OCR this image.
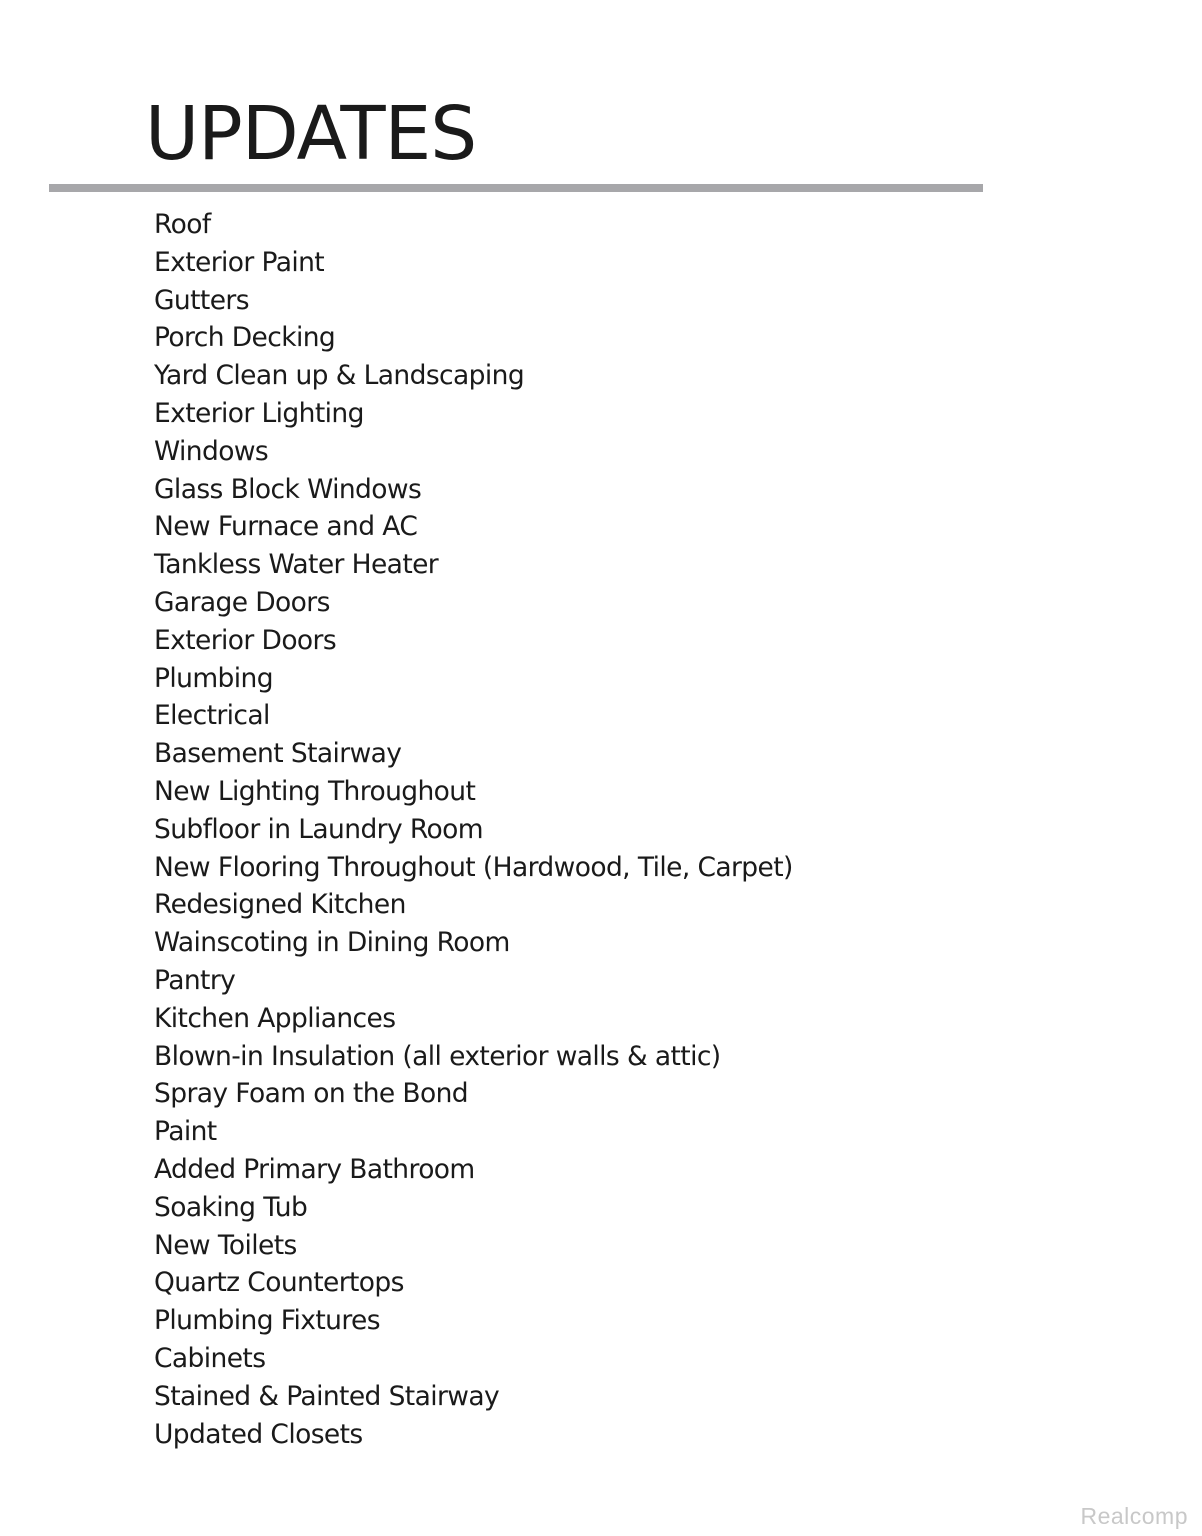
UPDATES
Roof
Exterior Paint
Gutters
Porch Decking
Yard Clean up & Landscaping
Exterior Lighting
Windows
Glass Block Windows
New Furnace and AC
Tankless Water Heater
Garage Doors
Exterior Doors
Plumbing
Electrical
Basement Stairway
New Lighting Throughout
Subfloor in Laundry Room
New Flooring Throughout (Hardwood, Tile, Carpet)
Redesigned Kitchen
Wainscoting in Dining Room
Pantry
Kitchen Appliances
Blown-in Insulation (all exterior walls & attic)
Spray Foam on the Bond
Paint
Added Primary Bathroom
Soaking Tub
New Toilets
Quartz Countertops
Plumbing Fixtures
Cabinets
Stained & Painted Stairway
Updated Closets
Realcomp
